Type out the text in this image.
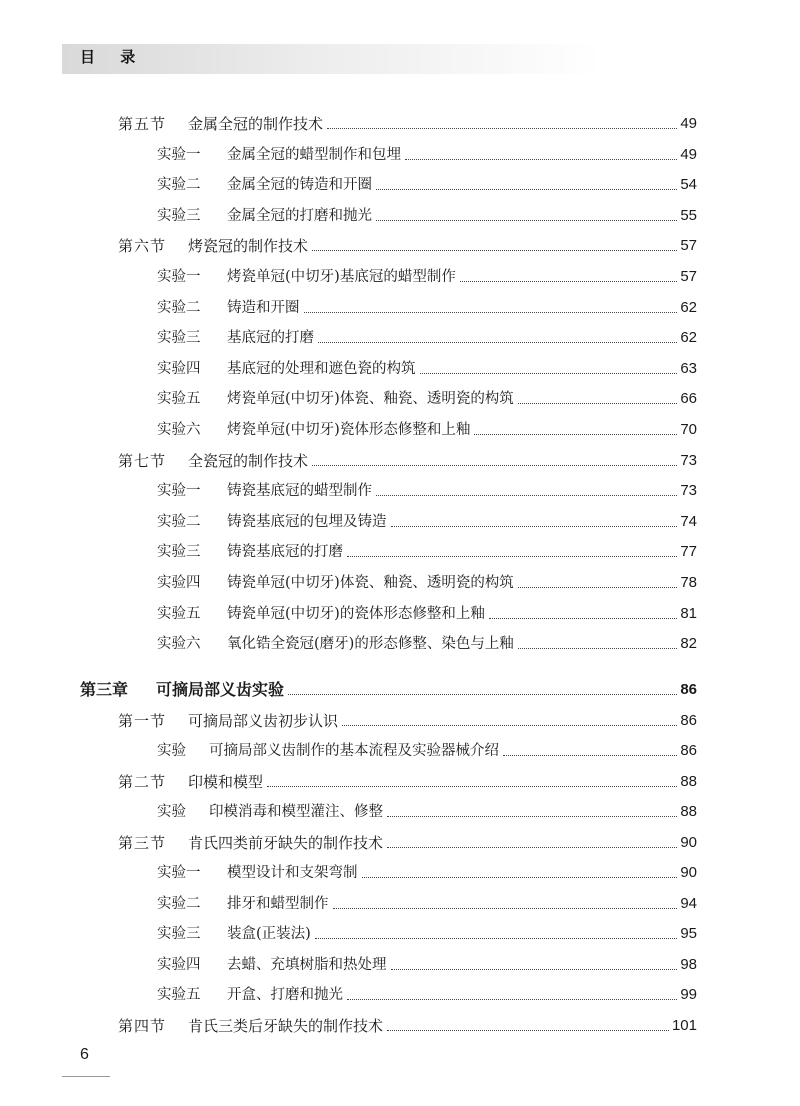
目 录
第五节	金属全冠的制作技术	49
实验一	金属全冠的蜡型制作和包埋	49
实验二	金属全冠的铸造和开圈	54
实验三	金属全冠的打磨和抛光	55
第六节	烤瓷冠的制作技术	57
实验一	烤瓷单冠(中切牙)基底冠的蜡型制作	57
实验二	铸造和开圈	62
实验三	基底冠的打磨	62
实验四	基底冠的处理和遮色瓷的构筑	63
实验五	烤瓷单冠(中切牙)体瓷、釉瓷、透明瓷的构筑	66
实验六	烤瓷单冠(中切牙)瓷体形态修整和上釉	70
第七节	全瓷冠的制作技术	73
实验一	铸瓷基底冠的蜡型制作	73
实验二	铸瓷基底冠的包埋及铸造	74
实验三	铸瓷基底冠的打磨	77
实验四	铸瓷单冠(中切牙)体瓷、釉瓷、透明瓷的构筑	78
实验五	铸瓷单冠(中切牙)的瓷体形态修整和上釉	81
实验六	氧化锆全瓷冠(磨牙)的形态修整、染色与上釉	82
第三章	可摘局部义齿实验	86
第一节	可摘局部义齿初步认识	86
实验	可摘局部义齿制作的基本流程及实验器械介绍	86
第二节	印模和模型	88
实验	印模消毒和模型灌注、修整	88
第三节	肯氏四类前牙缺失的制作技术	90
实验一	模型设计和支架弯制	90
实验二	排牙和蜡型制作	94
实验三	装盒(正装法)	95
实验四	去蜡、充填树脂和热处理	98
实验五	开盒、打磨和抛光	99
第四节	肯氏三类后牙缺失的制作技术	101
6
